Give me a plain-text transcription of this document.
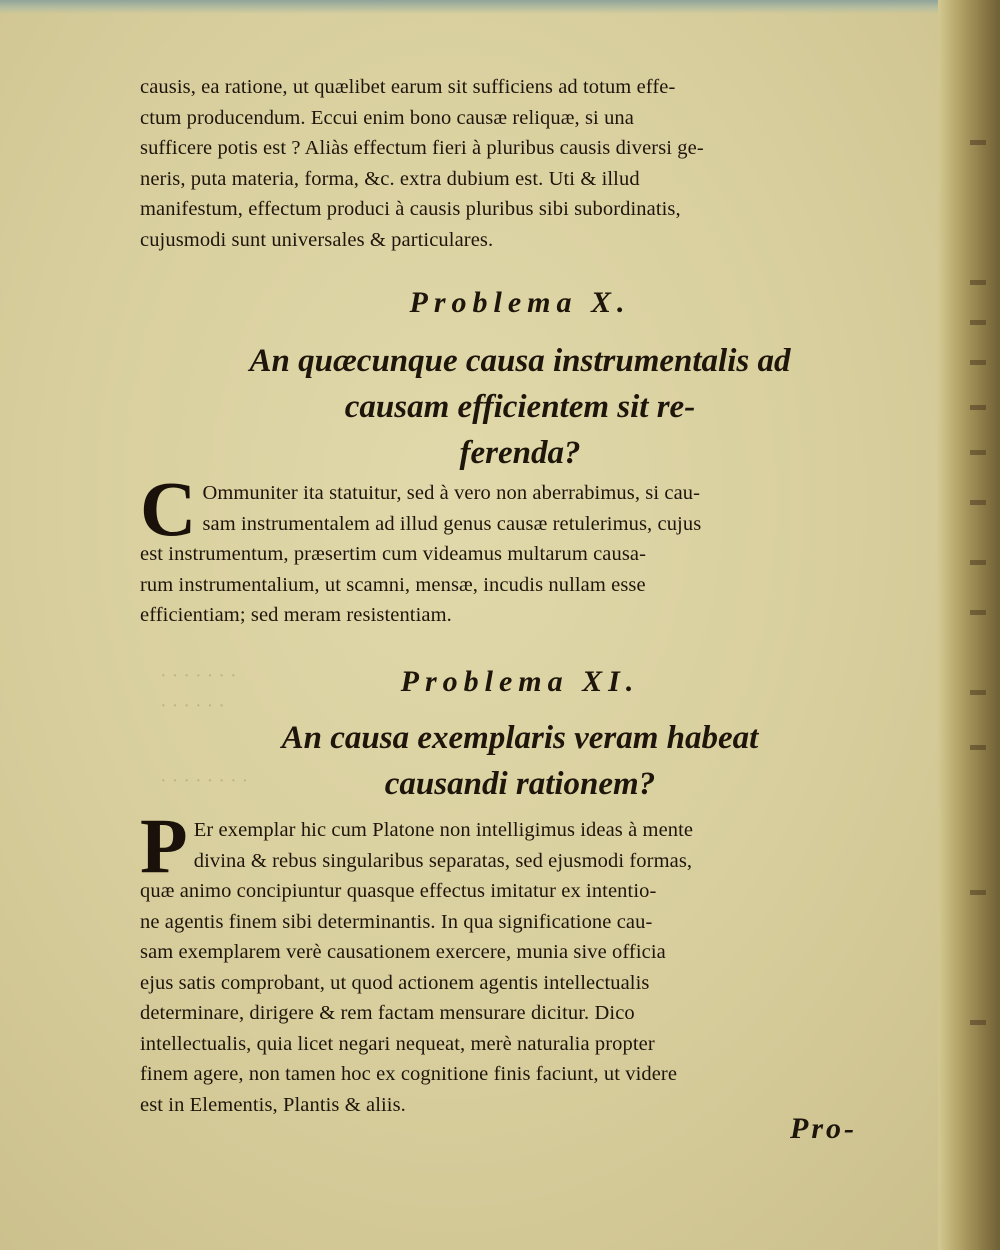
· · · · · · ·
· · · · · ·
· · · · · · · ·
causis, ea ratione, ut quælibet earum sit sufficiens ad totum effe-
ctum producendum. Eccui enim bono causæ reliquæ, si una
sufficere potis est ? Aliàs effectum fieri à pluribus causis diversi ge-
neris, puta materia, forma, &c. extra dubium est. Uti & illud
manifestum, effectum produci à causis pluribus sibi subordinatis,
cujusmodi sunt universales & particulares.
Problema X.
An quæcunque causa instrumentalis ad
causam efficientem sit re-
ferenda?
C Ommuniter ita statuitur, sed à vero non aberrabimus, si cau-
sam instrumentalem ad illud genus causæ retulerimus, cujus
est instrumentum, præsertim cum videamus multarum causa-
rum instrumentalium, ut scamni, mensæ, incudis nullam esse
efficientiam; sed meram resistentiam.
Problema XI.
An causa exemplaris veram habeat
causandi rationem?
P Er exemplar hic cum Platone non intelligimus ideas à mente
divina & rebus singularibus separatas, sed ejusmodi formas,
quæ animo concipiuntur quasque effectus imitatur ex intentio-
ne agentis finem sibi determinantis. In qua significatione cau-
sam exemplarem verè causationem exercere, munia sive officia
ejus satis comprobant, ut quod actionem agentis intellectualis
determinare, dirigere & rem factam mensurare dicitur. Dico
intellectualis, quia licet negari nequeat, merè naturalia propter
finem agere, non tamen hoc ex cognitione finis faciunt, ut videre
est in Elementis, Plantis & aliis.
Pro-
